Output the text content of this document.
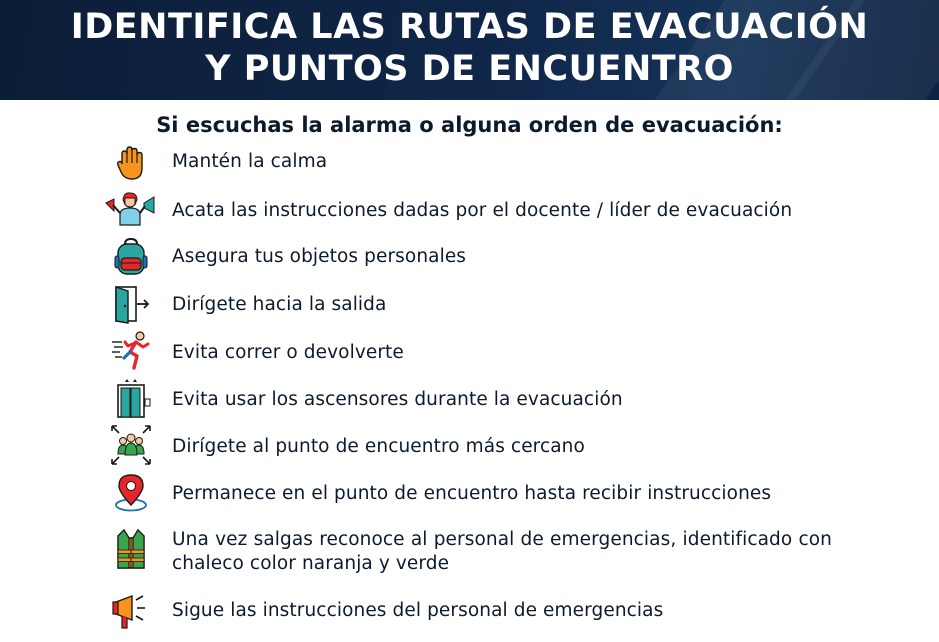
IDENTIFICA LAS RUTAS DE EVACUACIÓN
Y PUNTOS DE ENCUENTRO
Si escuchas la alarma o alguna orden de evacuación:
Mantén la calma
Acata las instrucciones dadas por el docente / líder de evacuación
Asegura tus objetos personales
Dirígete hacia la salida
Evita correr o devolverte
Evita usar los ascensores durante la evacuación
Dirígete al punto de encuentro más cercano
Permanece en el punto de encuentro hasta recibir instrucciones
Una vez salgas reconoce al personal de emergencias, identificado con chaleco color naranja y verde
Sigue las instrucciones del personal de emergencias
